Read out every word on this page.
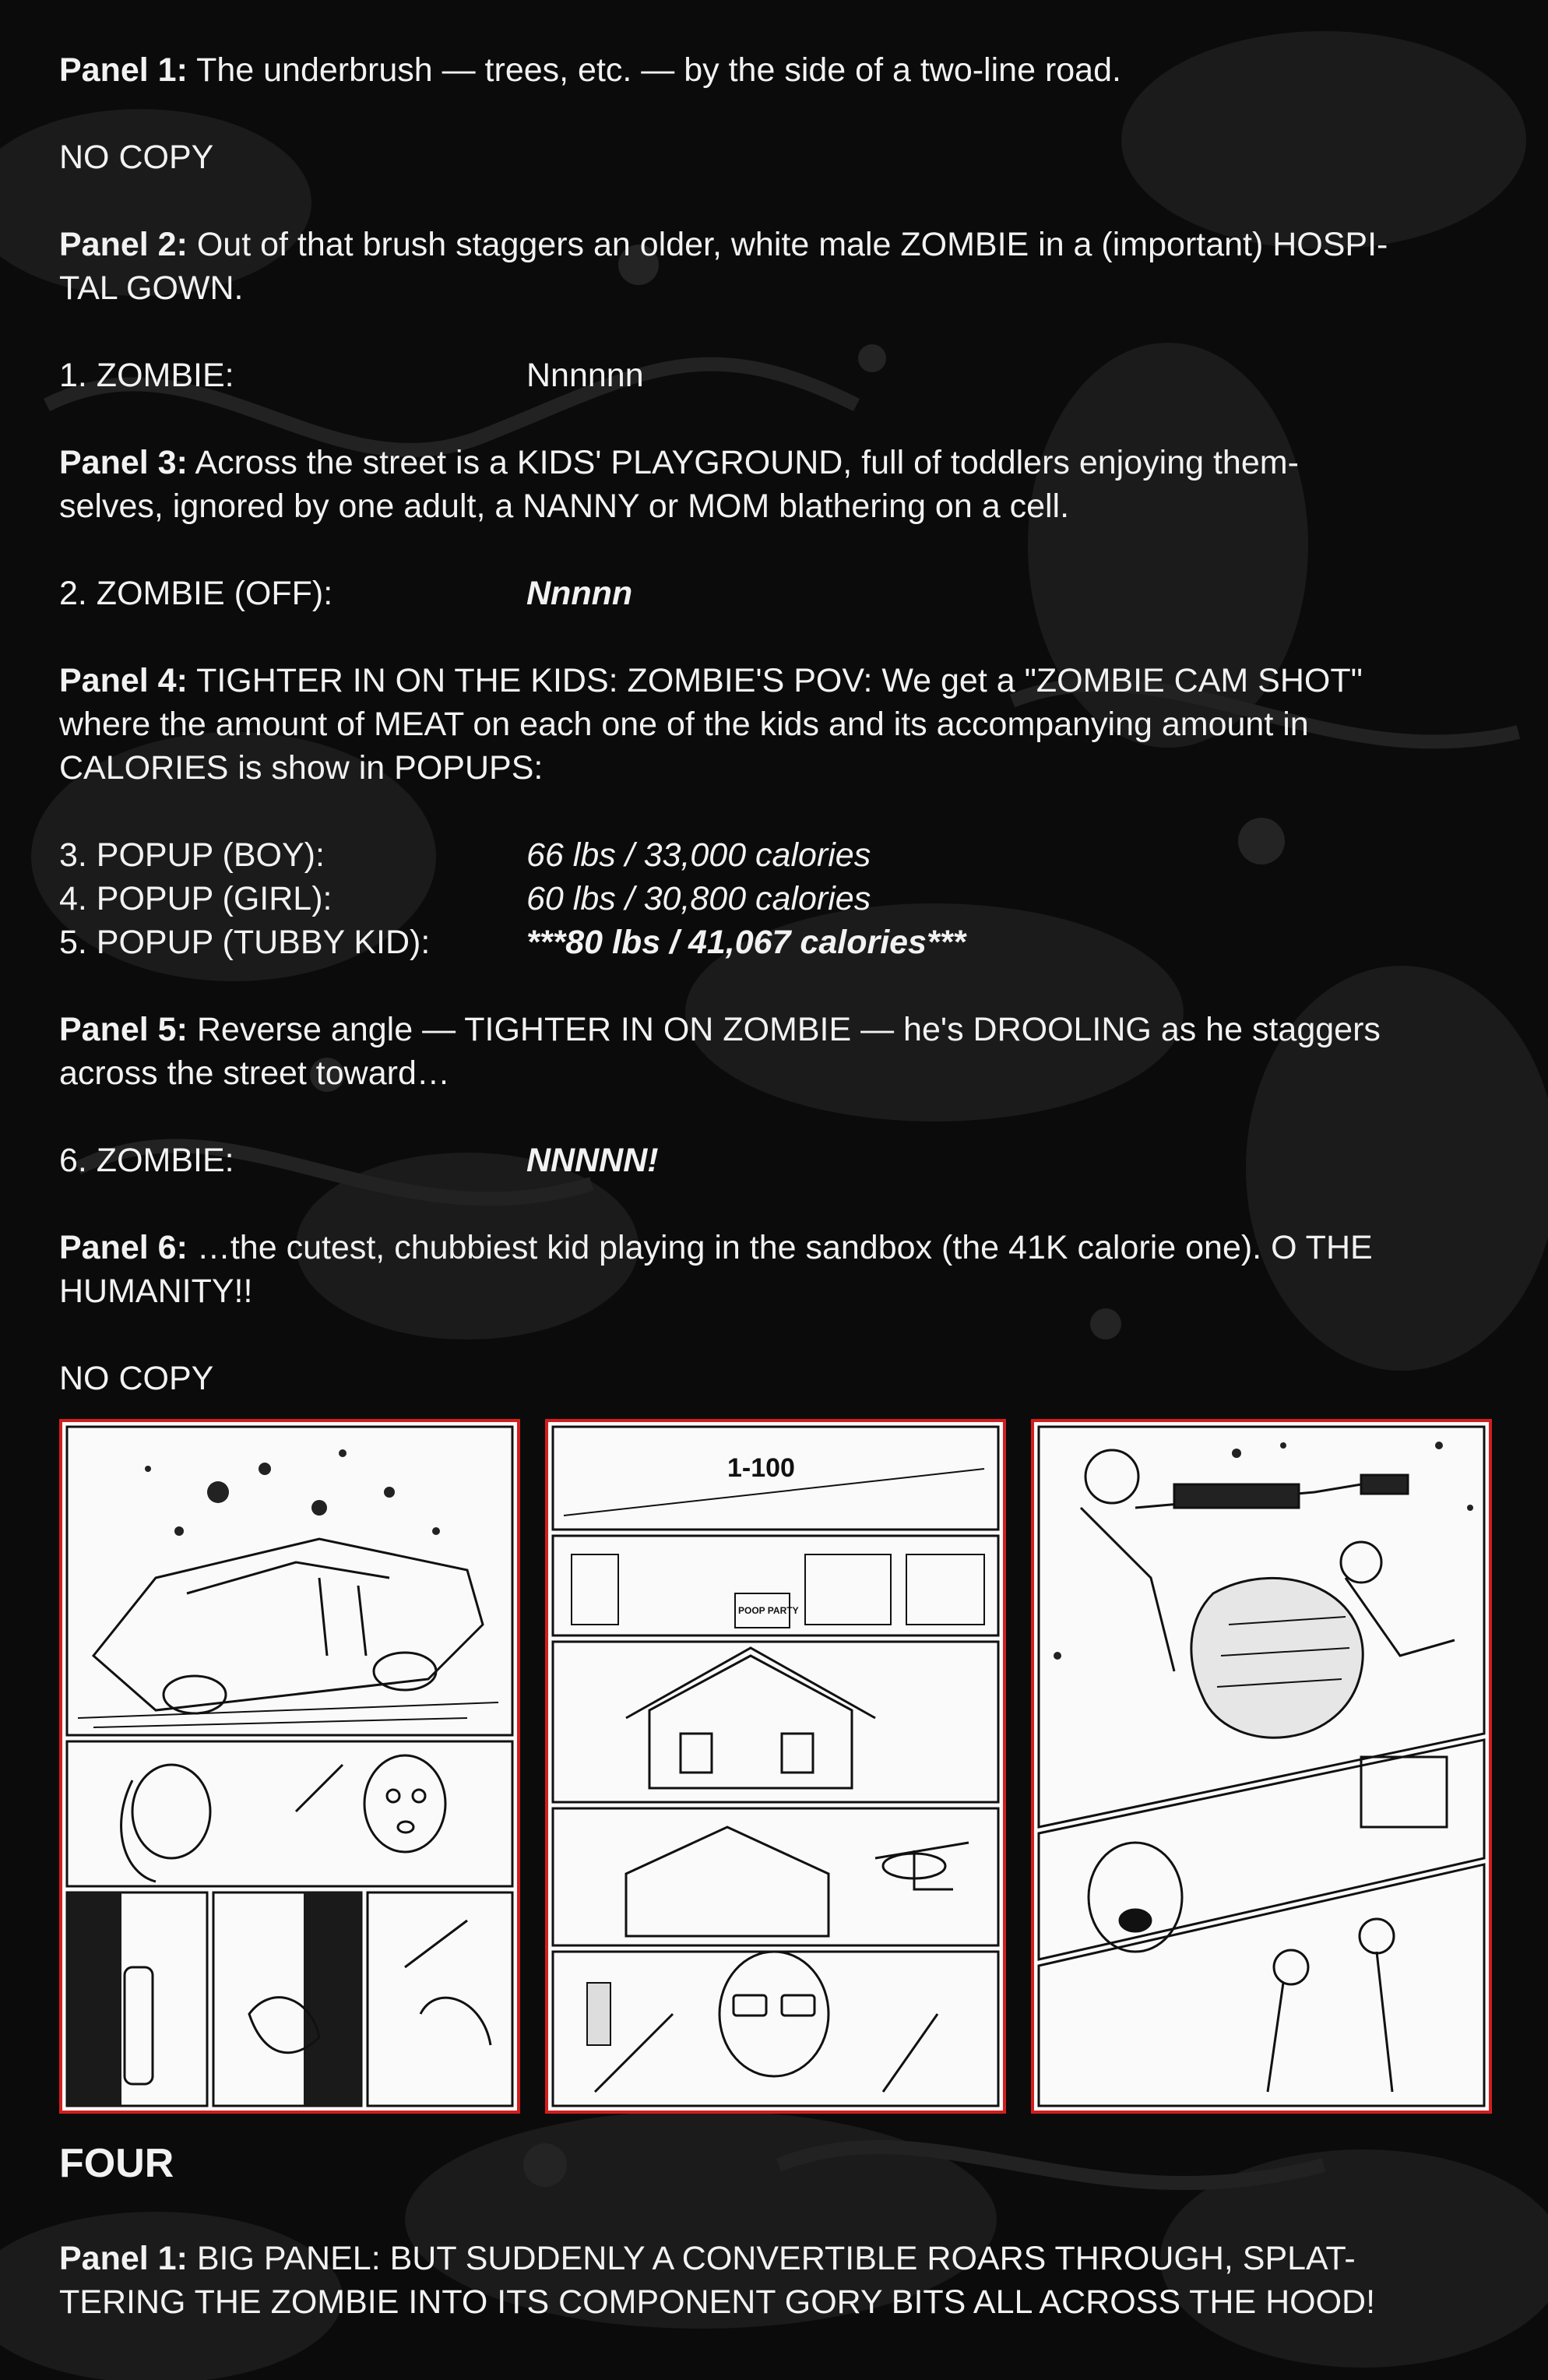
Panel 1: The underbrush — trees, etc. — by the side of a two-line road.
NO COPY
Panel 2: Out of that brush staggers an older, white male ZOMBIE in a (important) HOSPI-
TAL GOWN.
1. ZOMBIE:	Nnnnnn
Panel 3: Across the street is a KIDS' PLAYGROUND, full of toddlers enjoying them-
selves, ignored by one adult, a NANNY or MOM blathering on a cell.
2. ZOMBIE (OFF):	Nnnnn
Panel 4: TIGHTER IN ON THE KIDS: ZOMBIE'S POV: We get a "ZOMBIE CAM SHOT"
where the amount of MEAT on each one of the kids and its accompanying amount in
CALORIES is show in POPUPS:
3. POPUP (BOY):	66 lbs / 33,000 calories
4. POPUP (GIRL):	60 lbs / 30,800 calories
5. POPUP (TUBBY KID):	***80 lbs / 41,067 calories***
Panel 5: Reverse angle — TIGHTER IN ON ZOMBIE — he's DROOLING as he staggers
across the street toward…
6. ZOMBIE:	NNNNN!
Panel 6: …the cutest, chubbiest kid playing in the sandbox (the 41K calorie one). O THE
HUMANITY!!
NO COPY
1-100
POOP PARTY
FOUR
Panel 1: BIG PANEL: BUT SUDDENLY A CONVERTIBLE ROARS THROUGH, SPLAT-
TERING THE ZOMBIE INTO ITS COMPONENT GORY BITS ALL ACROSS THE HOOD!
